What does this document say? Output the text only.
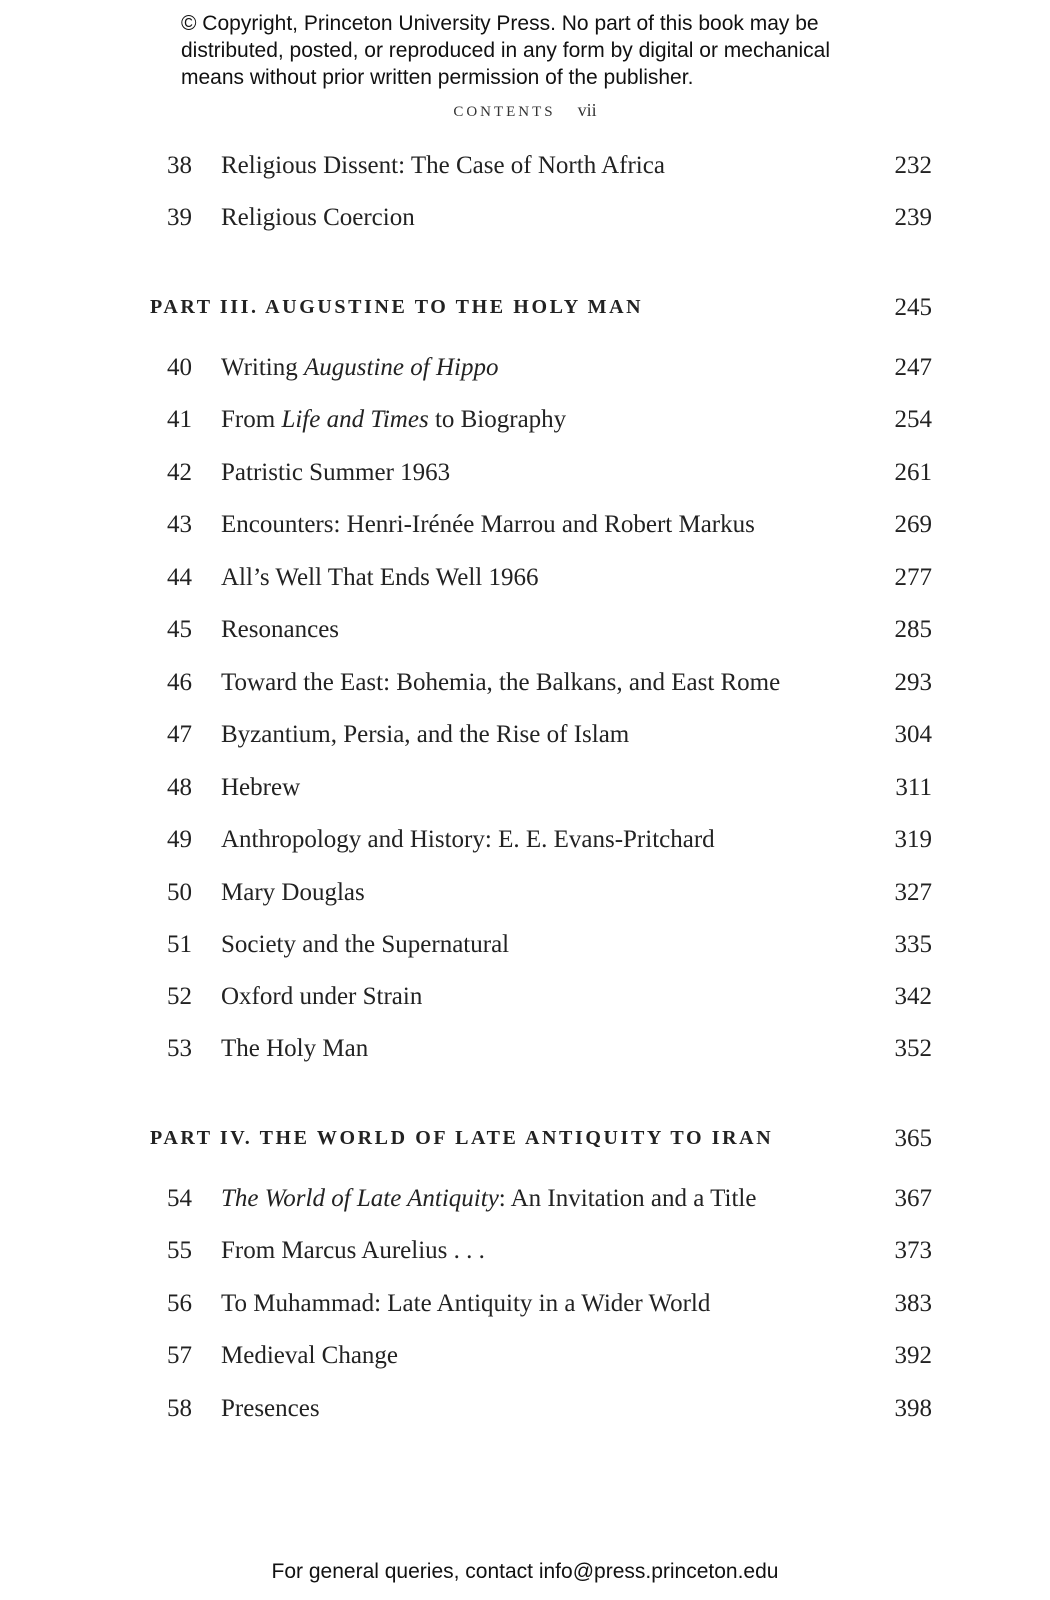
© Copyright, Princeton University Press. No part of this book may be
distributed, posted, or reproduced in any form by digital or mechanical
means without prior written permission of the publisher.
CONTENTS vii
38 Religious Dissent: The Case of North Africa	232
39 Religious Coercion	239
PART III. AUGUSTINE TO THE HOLY MAN	245
40 Writing Augustine of Hippo	247
41 From Life and Times to Biography	254
42 Patristic Summer 1963	261
43 Encounters: Henri-Irénée Marrou and Robert Markus	269
44 All’s Well That Ends Well 1966	277
45 Resonances	285
46 Toward the East: Bohemia, the Balkans, and East Rome	293
47 Byzantium, Persia, and the Rise of Islam	304
48 Hebrew	311
49 Anthropology and History: E. E. Evans-Pritchard	319
50 Mary Douglas	327
51 Society and the Supernatural	335
52 Oxford under Strain	342
53 The Holy Man	352
PART IV. THE WORLD OF LATE ANTIQUITY TO IRAN	365
54 The World of Late Antiquity: An Invitation and a Title	367
55 From Marcus Aurelius . . .	373
56 To Muhammad: Late Antiquity in a Wider World	383
57 Medieval Change	392
58 Presences	398
For general queries, contact info@press.princeton.edu
